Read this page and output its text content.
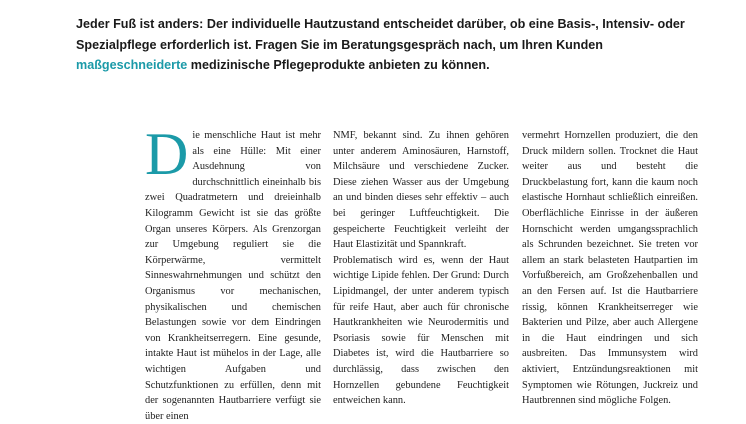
Jeder Fuß ist anders: Der individuelle Hautzustand entscheidet darüber, ob eine Basis-, Intensiv- oder Spezialpflege erforderlich ist. Fragen Sie im Beratungsgespräch nach, um Ihren Kunden maßgeschneiderte medizinische Pflegeprodukte anbieten zu können.

Die menschliche Haut ist mehr als eine Hülle: Mit einer Ausdehnung von durchschnittlich eineinhalb bis zwei Quadratmetern und dreieinhalb Kilogramm Gewicht ist sie das größte Organ unseres Körpers. Als Grenzorgan zur Umgebung reguliert sie die Körperwärme, vermittelt Sinneswahrnehmungen und schützt den Organismus vor mechanischen, physikalischen und chemischen Belastungen sowie vor dem Eindringen von Krankheitserregern. Eine gesunde, intakte Haut ist mühelos in der Lage, alle wichtigen Aufgaben und Schutzfunktionen zu erfüllen, denn mit der sogenannten Hautbarriere verfügt sie über einen

NMF, bekannt sind. Zu ihnen gehören unter anderem Aminosäuren, Harnstoff, Milchsäure und verschiedene Zucker. Diese ziehen Wasser aus der Umgebung an und binden dieses sehr effektiv – auch bei geringer Luftfeuchtigkeit. Die gespeicherte Feuchtigkeit verleiht der Haut Elastizität und Spannkraft.

Problematisch wird es, wenn der Haut wichtige Lipide fehlen. Der Grund: Durch Lipidmangel, der unter anderem typisch für reife Haut, aber auch für chronische Hautkrankheiten wie Neurodermitis und Psoriasis sowie für Menschen mit Diabetes ist, wird die Hautbarriere so durchlässig, dass zwischen den Hornzellen gebundene Feuchtigkeit entweichen kann.

vermehrt Hornzellen produziert, die den Druck mildern sollen. Trocknet die Haut weiter aus und besteht die Druckbelastung fort, kann die kaum noch elastische Hornhaut schließlich einreißen. Oberflächliche Einrisse in der äußeren Hornschicht werden umgangssprachlich als Schrunden bezeichnet. Sie treten vor allem an stark belasteten Hautpartien im Vorfußbereich, am Großzehenballen und an den Fersen auf. Ist die Hautbarriere rissig, können Krankheitserreger wie Bakterien und Pilze, aber auch Allergene in die Haut eindringen und sich ausbreiten. Das Immunsystem wird aktiviert, Entzündungsreaktionen mit Symptomen wie Rötungen, Juckreiz und Hautbrennen sind mögliche Folgen.
